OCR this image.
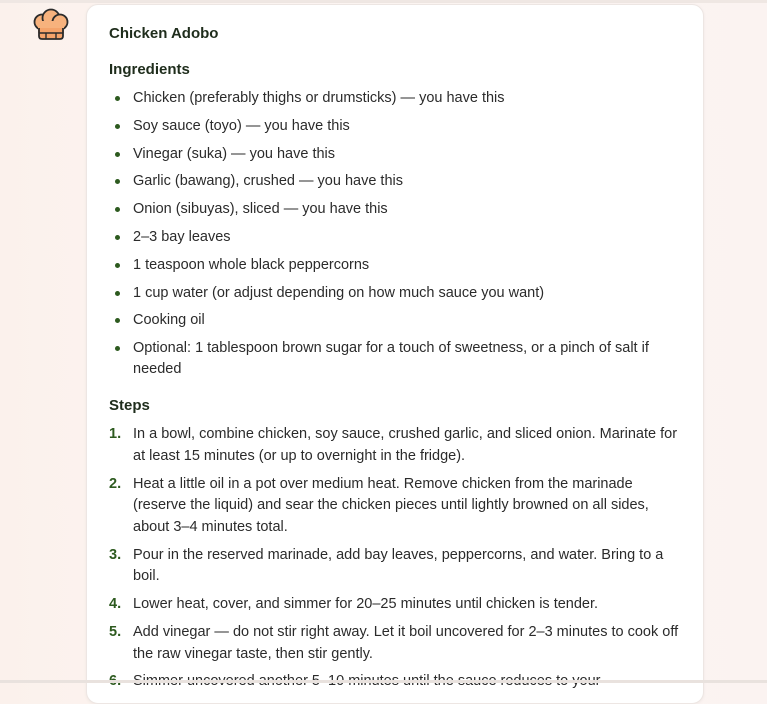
Chicken Adobo
Ingredients
Chicken (preferably thighs or drumsticks) — you have this
Soy sauce (toyo) — you have this
Vinegar (suka) — you have this
Garlic (bawang), crushed — you have this
Onion (sibuyas), sliced — you have this
2–3 bay leaves
1 teaspoon whole black peppercorns
1 cup water (or adjust depending on how much sauce you want)
Cooking oil
Optional: 1 tablespoon brown sugar for a touch of sweetness, or a pinch of salt if needed
Steps
1. In a bowl, combine chicken, soy sauce, crushed garlic, and sliced onion. Marinate for at least 15 minutes (or up to overnight in the fridge).
2. Heat a little oil in a pot over medium heat. Remove chicken from the marinade (reserve the liquid) and sear the chicken pieces until lightly browned on all sides, about 3–4 minutes total.
3. Pour in the reserved marinade, add bay leaves, peppercorns, and water. Bring to a boil.
4. Lower heat, cover, and simmer for 20–25 minutes until chicken is tender.
5. Add vinegar — do not stir right away. Let it boil uncovered for 2–3 minutes to cook off the raw vinegar taste, then stir gently.
